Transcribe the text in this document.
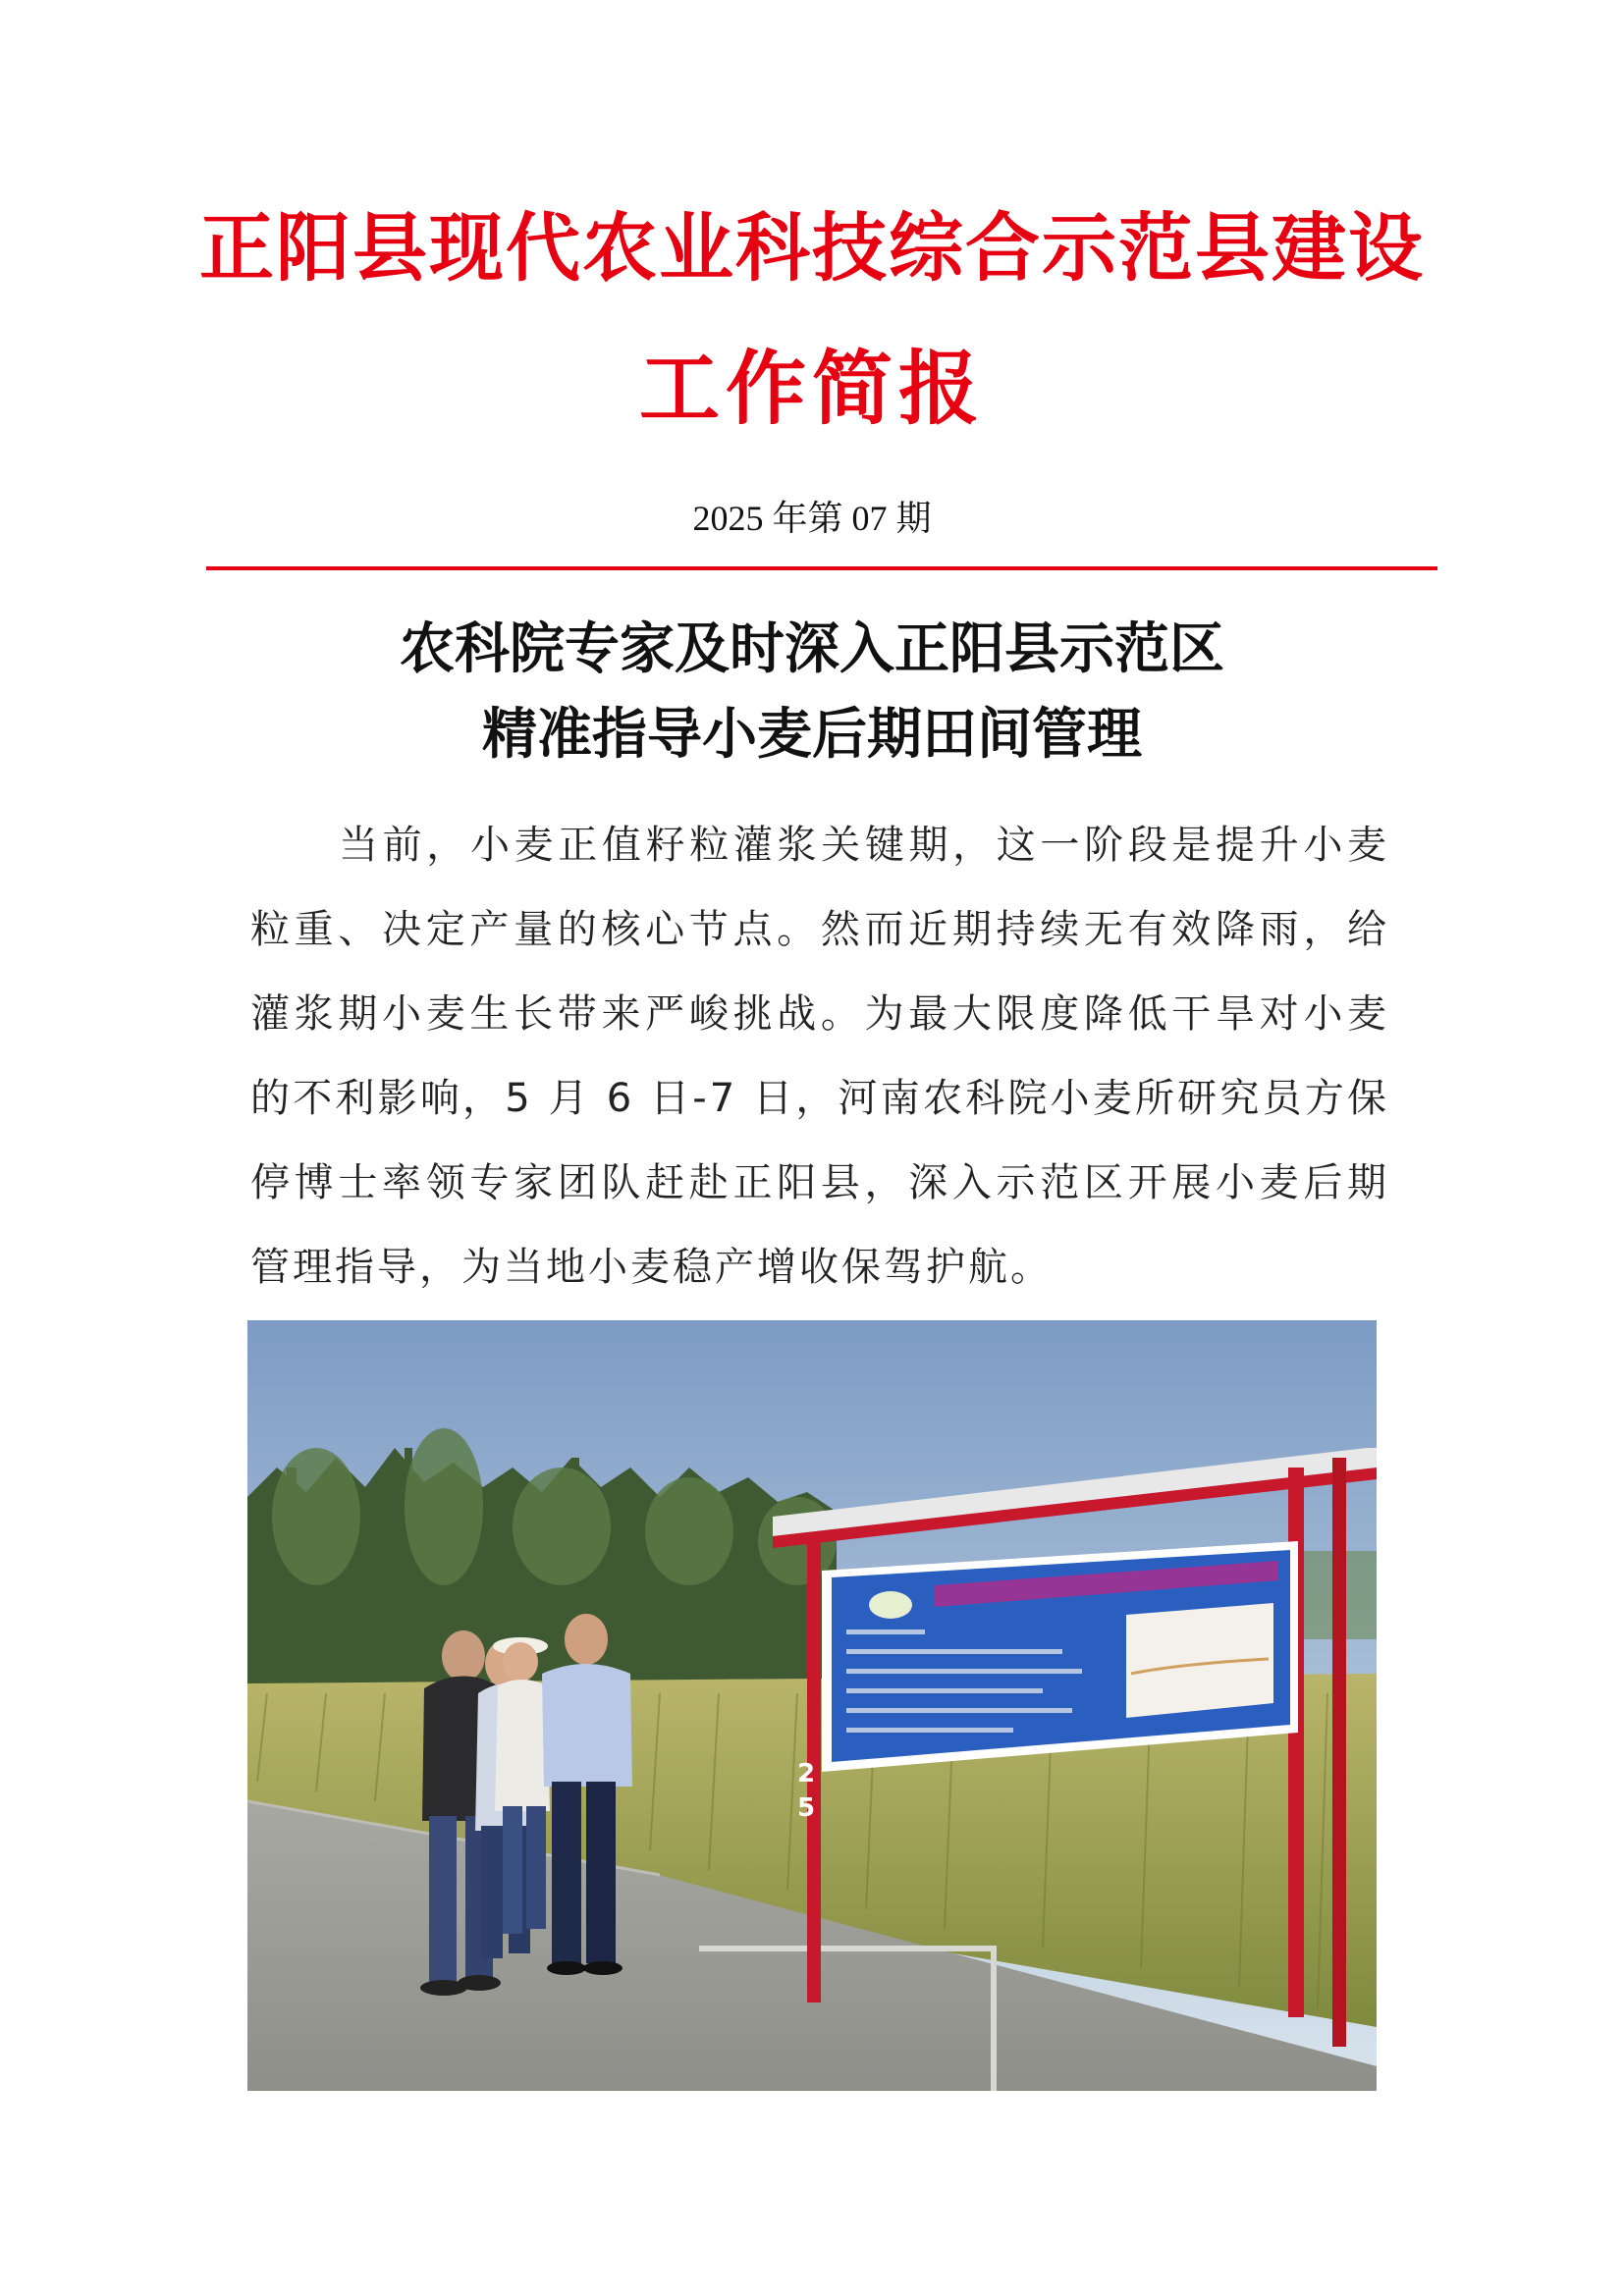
正阳县现代农业科技综合示范县建设
工作简报
2025 年第 07 期
农科院专家及时深入正阳县示范区
精准指导小麦后期田间管理

当前，小麦正值籽粒灌浆关键期，这一阶段是提升小麦粒重、决定产量的核心节点。然而近期持续无有效降雨，给灌浆期小麦生长带来严峻挑战。为最大限度降低干旱对小麦的不利影响，5 月 6 日-7 日，河南农科院小麦所研究员方保停博士率领专家团队赶赴正阳县，深入示范区开展小麦后期管理指导，为当地小麦稳产增收保驾护航。

2
5
